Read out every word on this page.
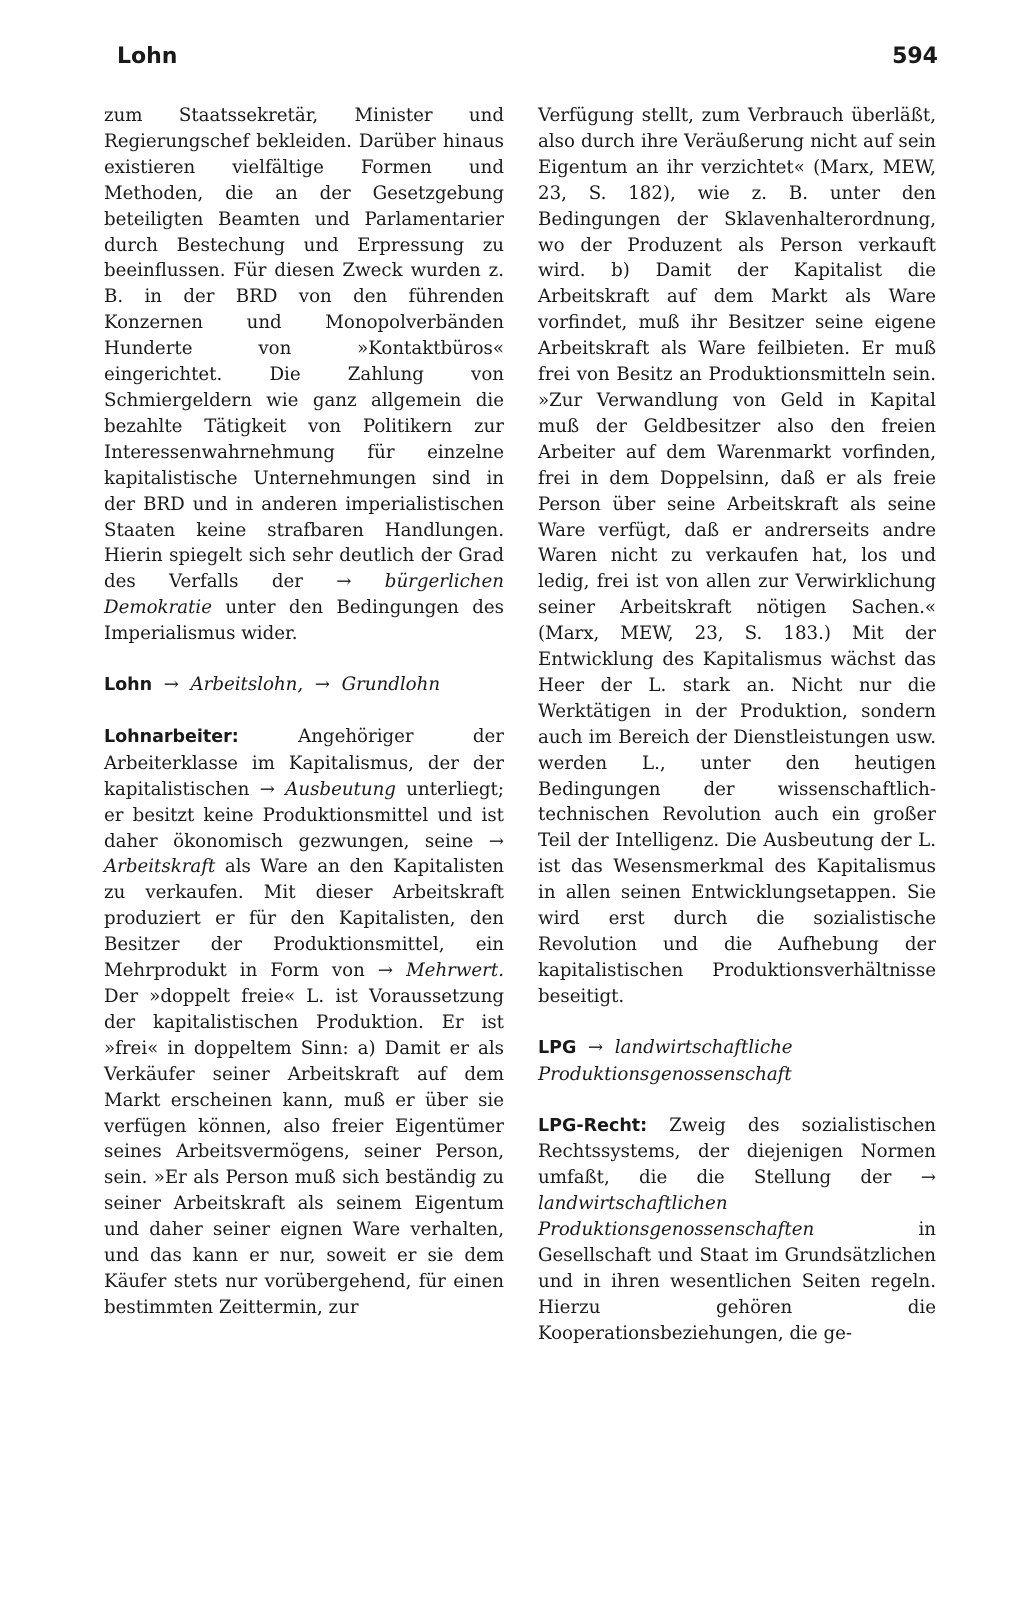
Lohn	594

zum Staatssekretär, Minister und Regierungschef bekleiden. Darüber hinaus existieren vielfältige Formen und Methoden, die an der Gesetzgebung beteiligten Beamten und Parlamentarier durch Bestechung und Erpressung zu beeinflussen. Für diesen Zweck wurden z. B. in der BRD von den führenden Konzernen und Monopolverbänden Hunderte von »Kontaktbüros« eingerichtet. Die Zahlung von Schmiergeldern wie ganz allgemein die bezahlte Tätigkeit von Politikern zur Interessenwahrnehmung für einzelne kapitalistische Unternehmungen sind in der BRD und in anderen imperialistischen Staaten keine strafbaren Handlungen. Hierin spiegelt sich sehr deutlich der Grad des Verfalls der → bürgerlichen Demokratie unter den Bedingungen des Imperialismus wider.

Lohn  →  Arbeitslohn,  →  Grundlohn

Lohnarbeiter:	Angehöriger der Arbeiterklasse im Kapitalismus, der der kapitalistischen → Ausbeutung unterliegt; er besitzt keine Produktionsmittel und ist daher ökonomisch gezwungen, seine → Arbeitskraft als Ware an den Kapitalisten zu verkaufen. Mit dieser Arbeitskraft produziert er für den Kapitalisten, den Besitzer der Produktionsmittel, ein Mehrprodukt in Form von → Mehrwert. Der »doppelt freie« L. ist Voraussetzung der kapitalistischen Produktion. Er ist »frei« in doppeltem Sinn: a) Damit er als Verkäufer seiner Arbeitskraft auf dem Markt erscheinen kann, muß er über sie verfügen können, also freier Eigentümer seines Arbeitsvermögens, seiner Person, sein. »Er als Person muß sich beständig zu seiner Arbeitskraft als seinem Eigentum und daher seiner eignen Ware verhalten, und das kann er nur, soweit er sie dem Käufer stets nur vorübergehend, für einen bestimmten Zeittermin, zur

Verfügung stellt, zum Verbrauch überläßt, also durch ihre Veräußerung nicht auf sein Eigentum an ihr verzichtet« (Marx, MEW, 23, S. 182), wie z. B. unter den Bedingungen der Sklavenhalterordnung, wo der Produzent als Person verkauft wird. b) Damit der Kapitalist die Arbeitskraft auf dem Markt als Ware vorfindet, muß ihr Besitzer seine eigene Arbeitskraft als Ware feilbieten. Er muß frei von Besitz an Produktionsmitteln sein. »Zur Verwandlung von Geld in Kapital muß der Geldbesitzer also den freien Arbeiter auf dem Warenmarkt vorfinden, frei in dem Doppelsinn, daß er als freie Person über seine Arbeitskraft als seine Ware verfügt, daß er andrerseits andre Waren nicht zu verkaufen hat, los und ledig, frei ist von allen zur Verwirklichung seiner Arbeitskraft nötigen Sachen.« (Marx, MEW, 23, S. 183.) Mit der Entwicklung des Kapitalismus wächst das Heer der L. stark an. Nicht nur die Werktätigen in der Produktion, sondern auch im Bereich der Dienstleistungen usw. werden L., unter den heutigen Bedingungen der wissenschaftlich-technischen Revolution auch ein großer Teil der Intelligenz. Die Ausbeutung der L. ist das Wesensmerkmal des Kapitalismus in allen seinen Entwicklungsetappen. Sie wird erst durch die sozialistische Revolution und die Aufhebung der kapitalistischen Produktionsverhältnisse beseitigt.

LPG  →  landwirtschaftliche Produktionsgenossenschaft

LPG-Recht: Zweig des sozialistischen Rechtssystems, der diejenigen Normen umfaßt, die die Stellung der → landwirtschaftlichen Produktionsgenossenschaften	in Gesellschaft und Staat im Grundsätzlichen und in ihren wesentlichen Seiten regeln. Hierzu gehören die Kooperationsbeziehungen, die ge-
